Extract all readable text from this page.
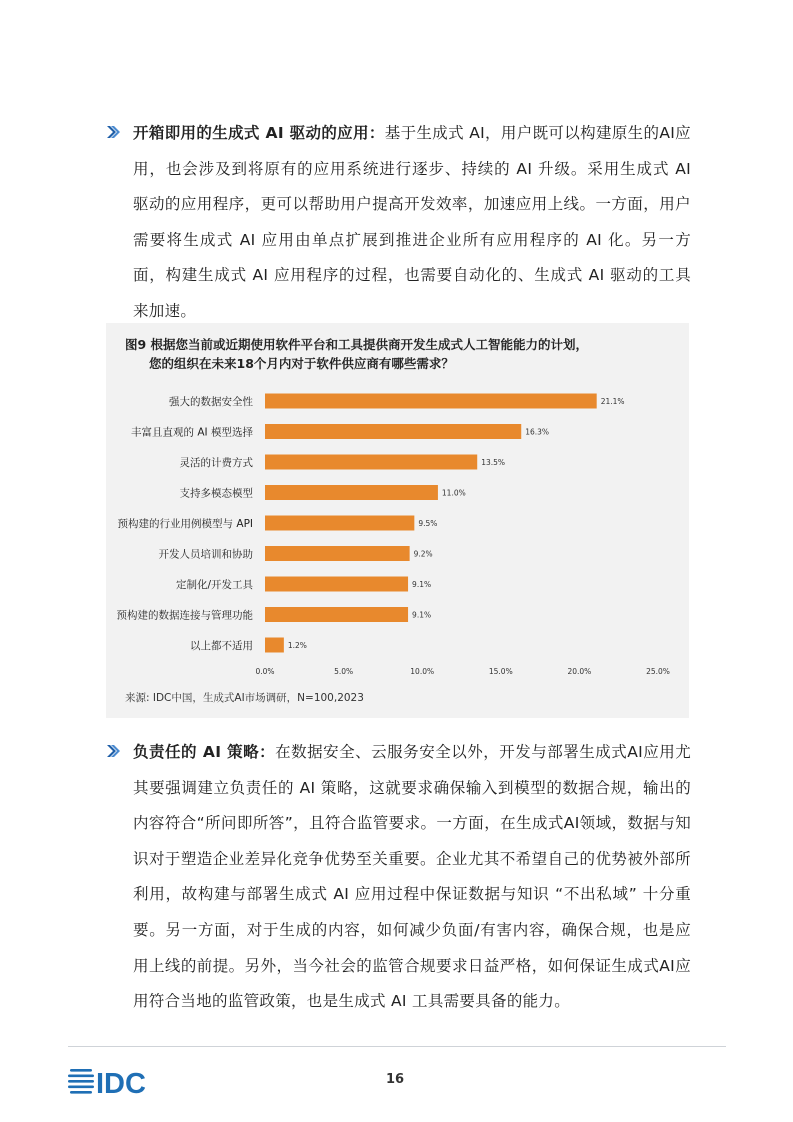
开箱即用的生成式 AI 驱动的应用：基于生成式 AI，用户既可以构建原生的AI应用，也会涉及到将原有的应用系统进行逐步、持续的 AI 升级。采用生成式 AI 驱动的应用程序，更可以帮助用户提高开发效率，加速应用上线。一方面，用户需要将生成式 AI 应用由单点扩展到推进企业所有应用程序的 AI 化。另一方面，构建生成式 AI 应用程序的过程，也需要自动化的、生成式 AI 驱动的工具来加速。
图9 根据您当前或近期使用软件平台和工具提供商开发生成式人工智能能力的计划，
您的组织在未来18个月内对于软件供应商有哪些需求？
强大的数据安全性	21.1%
丰富且直观的 AI 模型选择	16.3%
灵活的计费方式	13.5%
支持多模态模型	11.0%
预构建的行业用例模型与 API	9.5%
开发人员培训和协助	9.2%
定制化/开发工具	9.1%
预构建的数据连接与管理功能	9.1%
以上都不适用	1.2%
0.0%	5.0%	10.0%	15.0%	20.0%	25.0%
来源: IDC中国，生成式AI市场调研，N=100,2023
负责任的 AI 策略：在数据安全、云服务安全以外，开发与部署生成式AI应用尤其要强调建立负责任的 AI 策略，这就要求确保输入到模型的数据合规，输出的内容符合“所问即所答”，且符合监管要求。一方面，在生成式AI领域，数据与知识对于塑造企业差异化竞争优势至关重要。企业尤其不希望自己的优势被外部所利用，故构建与部署生成式 AI 应用过程中保证数据与知识 “不出私域” 十分重要。另一方面，对于生成的内容，如何减少负面/有害内容，确保合规，也是应用上线的前提。另外，当今社会的监管合规要求日益严格，如何保证生成式AI应用符合当地的监管政策，也是生成式 AI 工具需要具备的能力。
IDC	16
